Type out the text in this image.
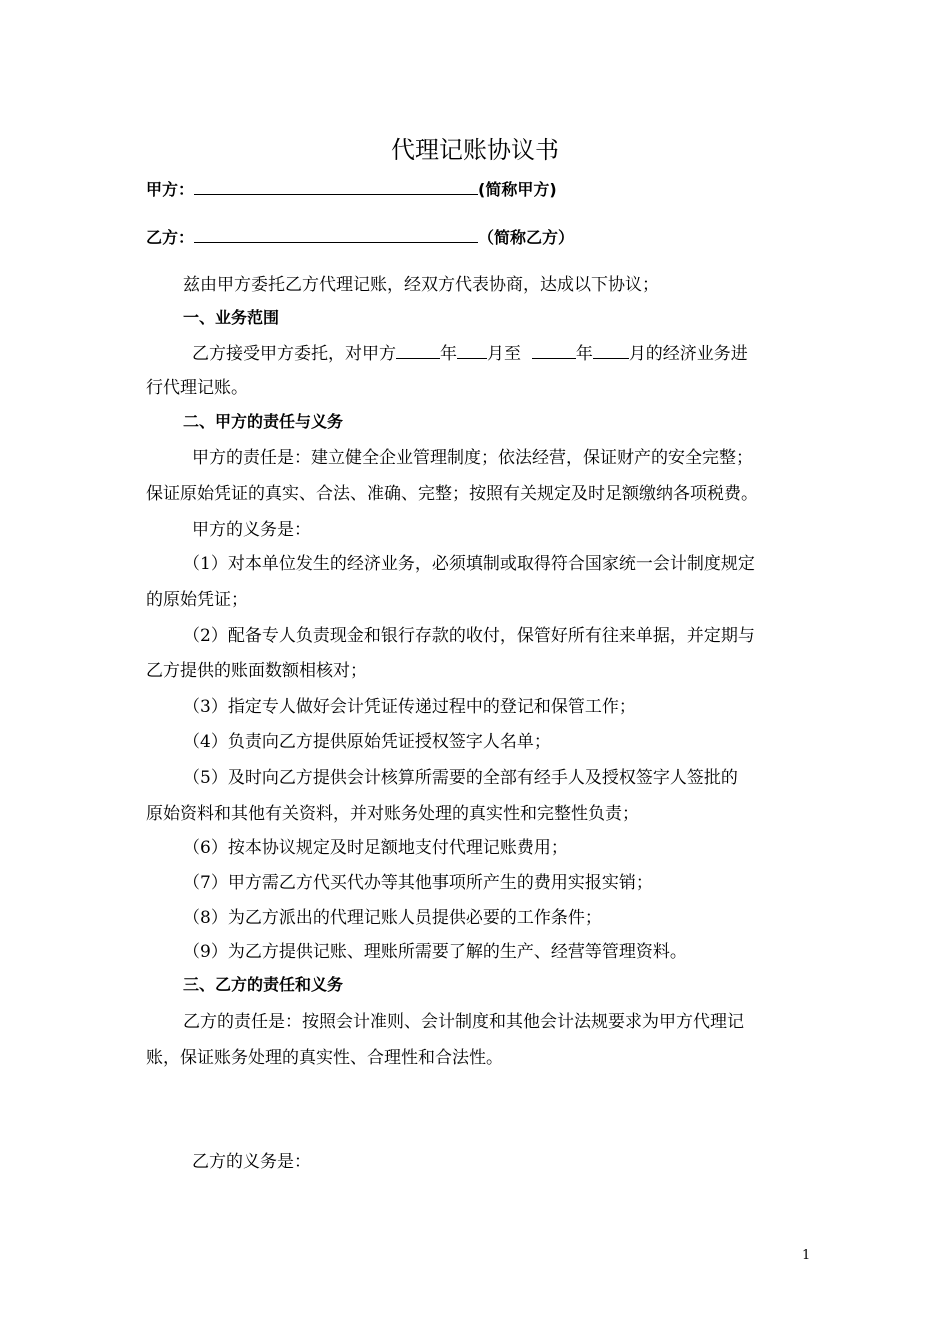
代理记账协议书
甲方：	(简称甲方)
乙方：	（简称乙方）
兹由甲方委托乙方代理记账，经双方代表协商，达成以下协议；
一、业务范围
乙方接受甲方委托，对甲方	年 月至	年 月的经济业务进
行代理记账。
二、甲方的责任与义务
甲方的责任是：建立健全企业管理制度；依法经营，保证财产的安全完整；
保证原始凭证的真实、合法、准确、完整；按照有关规定及时足额缴纳各项税费。
甲方的义务是：
（1）对本单位发生的经济业务，必须填制或取得符合国家统一会计制度规定
的原始凭证；
（2）配备专人负责现金和银行存款的收付，保管好所有往来单据，并定期与
乙方提供的账面数额相核对；
（3）指定专人做好会计凭证传递过程中的登记和保管工作；
（4）负责向乙方提供原始凭证授权签字人名单；
（5）及时向乙方提供会计核算所需要的全部有经手人及授权签字人签批的
原始资料和其他有关资料，并对账务处理的真实性和完整性负责；
（6）按本协议规定及时足额地支付代理记账费用；
（7）甲方需乙方代买代办等其他事项所产生的费用实报实销；
（8）为乙方派出的代理记账人员提供必要的工作条件；
（9）为乙方提供记账、理账所需要了解的生产、经营等管理资料。
三、乙方的责任和义务
乙方的责任是：按照会计准则、会计制度和其他会计法规要求为甲方代理记
账，保证账务处理的真实性、合理性和合法性。
乙方的义务是：
1
